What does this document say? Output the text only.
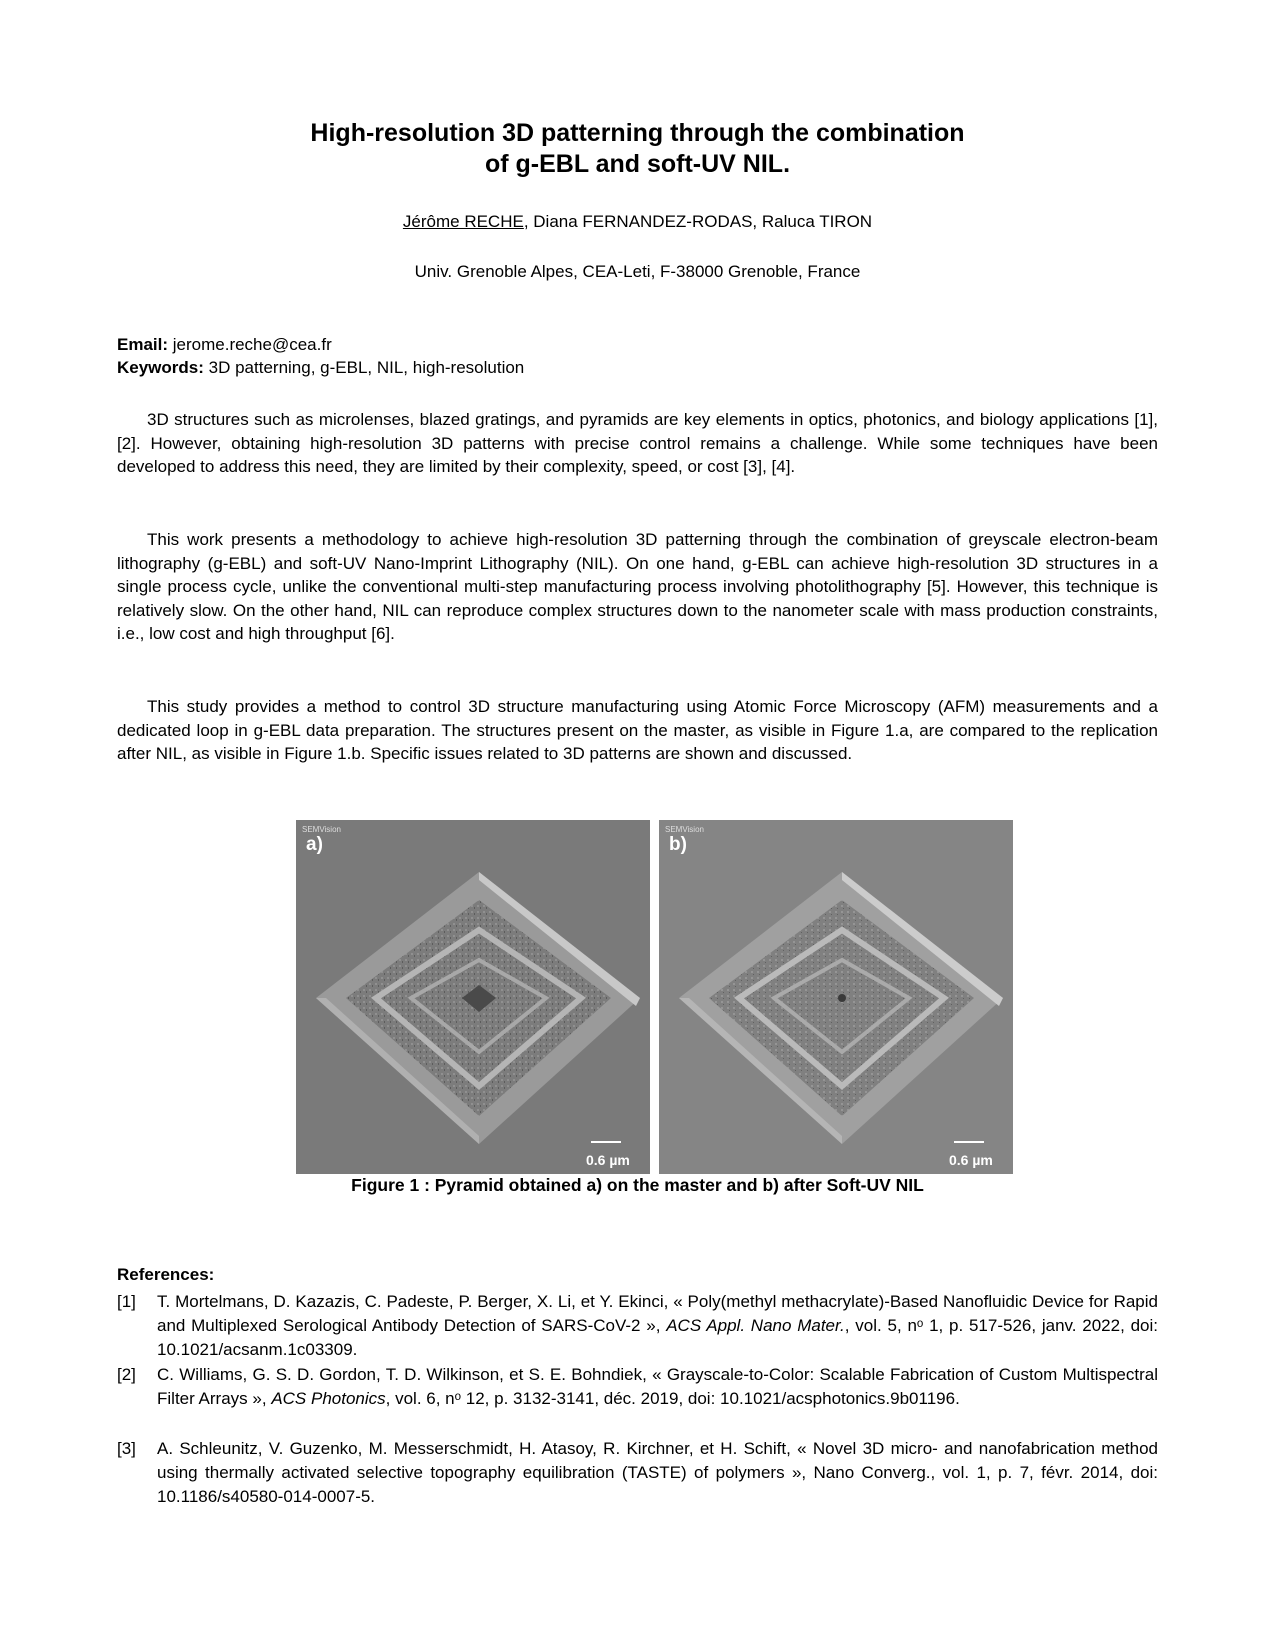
High-resolution 3D patterning through the combination
of g-EBL and soft-UV NIL.
Jérôme RECHE, Diana FERNANDEZ-RODAS, Raluca TIRON
Univ. Grenoble Alpes, CEA-Leti, F-38000 Grenoble, France
Email: jerome.reche@cea.fr
Keywords: 3D patterning, g-EBL, NIL, high-resolution
3D structures such as microlenses, blazed gratings, and pyramids are key elements in optics, photonics, and biology applications [1], [2]. However, obtaining high-resolution 3D patterns with precise control remains a challenge. While some techniques have been developed to address this need, they are limited by their complexity, speed, or cost [3], [4].
This work presents a methodology to achieve high-resolution 3D patterning through the combination of greyscale electron-beam lithography (g-EBL) and soft-UV Nano-Imprint Lithography (NIL). On one hand, g-EBL can achieve high-resolution 3D structures in a single process cycle, unlike the conventional multi-step manufacturing process involving photolithography [5]. However, this technique is relatively slow. On the other hand, NIL can reproduce complex structures down to the nanometer scale with mass production constraints, i.e., low cost and high throughput [6].
This study provides a method to control 3D structure manufacturing using Atomic Force Microscopy (AFM) measurements and a dedicated loop in g-EBL data preparation. The structures present on the master, as visible in Figure 1.a, are compared to the replication after NIL, as visible in Figure 1.b. Specific issues related to 3D patterns are shown and discussed.
a)
SEMVision
0.6 µm
b)
SEMVision
0.6 µm
Figure 1 : Pyramid obtained a) on the master and b) after Soft-UV NIL
References:
[1] T. Mortelmans, D. Kazazis, C. Padeste, P. Berger, X. Li, et Y. Ekinci, « Poly(methyl methacrylate)-Based Nanofluidic Device for Rapid and Multiplexed Serological Antibody Detection of SARS-CoV-2 », ACS Appl. Nano Mater., vol. 5, nᵒ 1, p. 517-526, janv. 2022, doi: 10.1021/acsanm.1c03309.
[2] C. Williams, G. S. D. Gordon, T. D. Wilkinson, et S. E. Bohndiek, « Grayscale-to-Color: Scalable Fabrication of Custom Multispectral Filter Arrays », ACS Photonics, vol. 6, nᵒ 12, p. 3132-3141, déc. 2019, doi: 10.1021/acsphotonics.9b01196.
[3] A. Schleunitz, V. Guzenko, M. Messerschmidt, H. Atasoy, R. Kirchner, et H. Schift, « Novel 3D micro- and nanofabrication method using thermally activated selective topography equilibration (TASTE) of polymers », Nano Converg., vol. 1, p. 7, févr. 2014, doi: 10.1186/s40580-014-0007-5.
